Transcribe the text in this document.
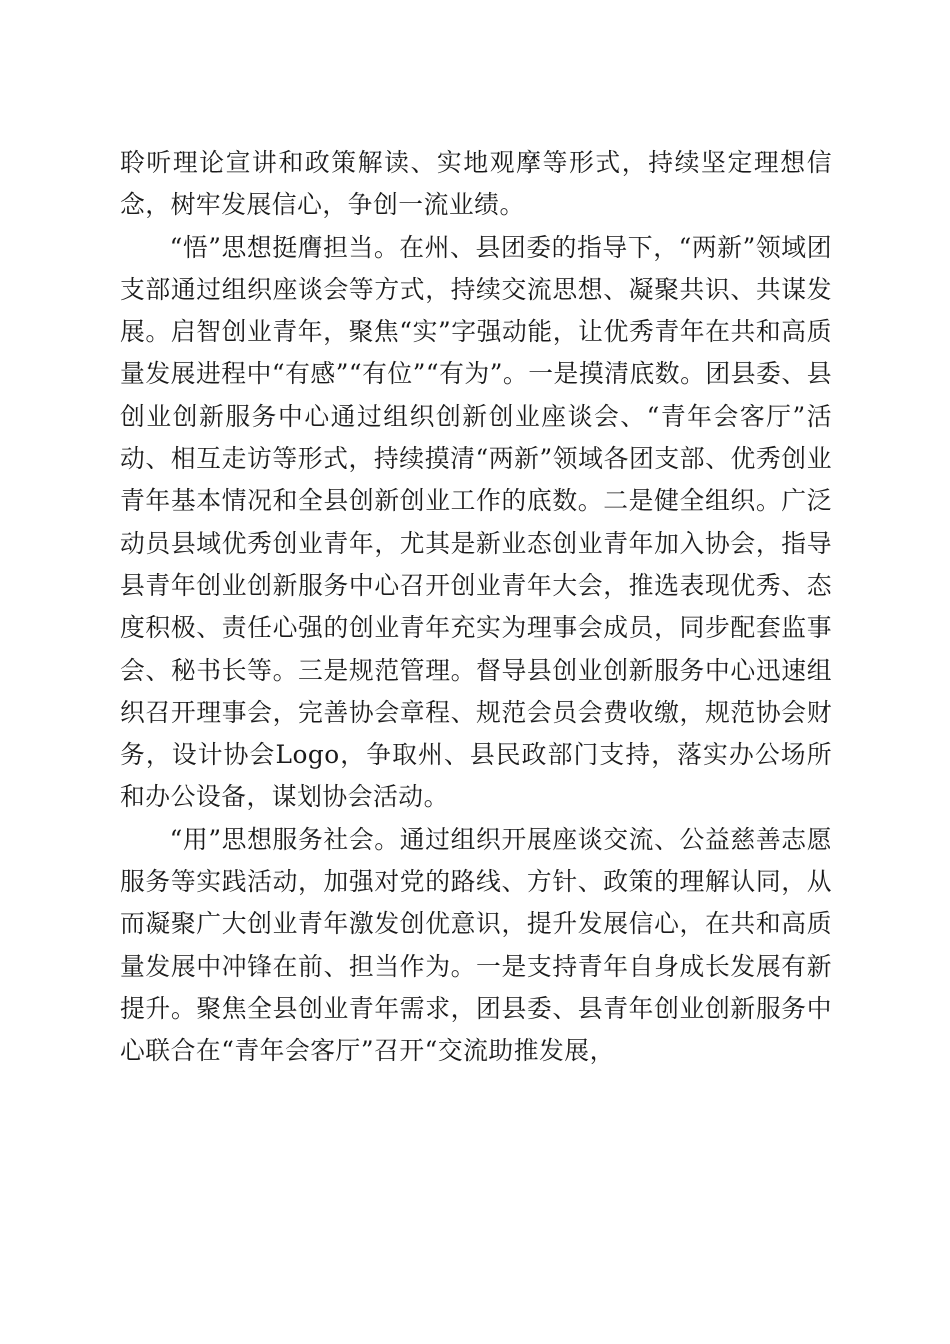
聆听理论宣讲和政策解读、实地观摩等形式，持续坚定理想信念，树牢发展信心，争创一流业绩。

“悟”思想挺膺担当。在州、县团委的指导下，“两新”领域团支部通过组织座谈会等方式，持续交流思想、凝聚共识、共谋发展。启智创业青年，聚焦“实”字强动能，让优秀青年在共和高质量发展进程中“有感”“有位”“有为”。一是摸清底数。团县委、县创业创新服务中心通过组织创新创业座谈会、“青年会客厅”活动、相互走访等形式，持续摸清“两新”领域各团支部、优秀创业青年基本情况和全县创新创业工作的底数。二是健全组织。广泛动员县域优秀创业青年，尤其是新业态创业青年加入协会，指导县青年创业创新服务中心召开创业青年大会，推选表现优秀、态度积极、责任心强的创业青年充实为理事会成员，同步配套监事会、秘书长等。三是规范管理。督导县创业创新服务中心迅速组织召开理事会，完善协会章程、规范会员会费收缴，规范协会财务，设计协会Logo，争取州、县民政部门支持，落实办公场所和办公设备，谋划协会活动。

“用”思想服务社会。通过组织开展座谈交流、公益慈善志愿服务等实践活动，加强对党的路线、方针、政策的理解认同，从而凝聚广大创业青年激发创优意识，提升发展信心，在共和高质量发展中冲锋在前、担当作为。一是支持青年自身成长发展有新提升。聚焦全县创业青年需求，团县委、县青年创业创新服务中心联合在“青年会客厅”召开“交流助推发展，
